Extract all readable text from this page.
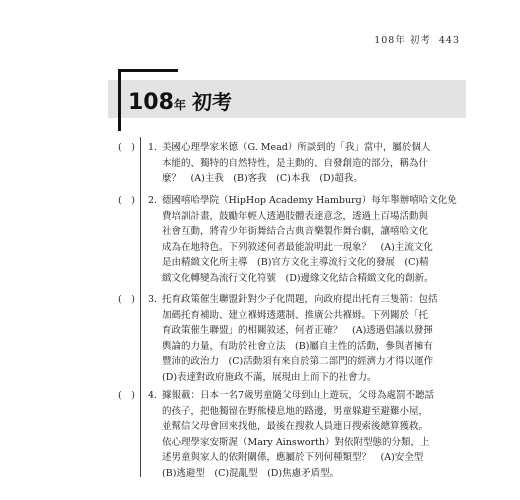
108年 初考 443
108年 初考
(　) 1. 美國心理學家米德（G. Mead）所談到的「我」當中，屬於個人
本能的、獨特的自然特性，是主動的、自發創造的部分，稱為什
麼？　(A)主我　(B)客我　(C)本我　(D)超我。
(　) 2. 德國嘻哈學院（HipHop Academy Hamburg）每年舉辦嘻哈文化免
費培訓計畫，鼓勵年輕人透過肢體表達意念，透過上百場活動與
社會互動，將青少年街舞結合古典音樂製作舞台劇，讓嘻哈文化
成為在地特色。下列敘述何者最能說明此一現象？　(A)主流文化
是由精緻文化所主導　(B)官方文化主導流行文化的發展　(C)精
緻文化轉變為流行文化符號　(D)邊緣文化結合精緻文化的創新。
(　) 3. 托育政策催生聯盟針對少子化問題，向政府提出托育三隻箭：包括
加碼托育補助、建立褓姆透選制、推廣公共褓姆。下列關於「托
育政策催生聯盟」的相關敘述，何者正確？　(A)透過倡議以發揮
輿論的力量，有助於社會立法　(B)屬自主性的活動，參與者擁有
豐沛的政治力　(C)活動須有來自於第二部門的經濟力才得以運作
(D)表達對政府施政不滿，展現由上而下的社會力。
(　) 4. 據報載：日本一名7歲男童隨父母到山上遊玩，父母為處罰不聽話
的孩子，把他獨留在野熊棲息地的路邊，男童躲避至避難小屋，
並幫信父母會回來找他，最後在搜救人員連日搜索後總算獲救。
依心理學家安斯渥（Mary Ainsworth）對依附型態的分類，上
述男童與家人的依附關係，應屬於下列何種類型？　(A)安全型
(B)逃避型　(C)混亂型　(D)焦慮矛盾型。
